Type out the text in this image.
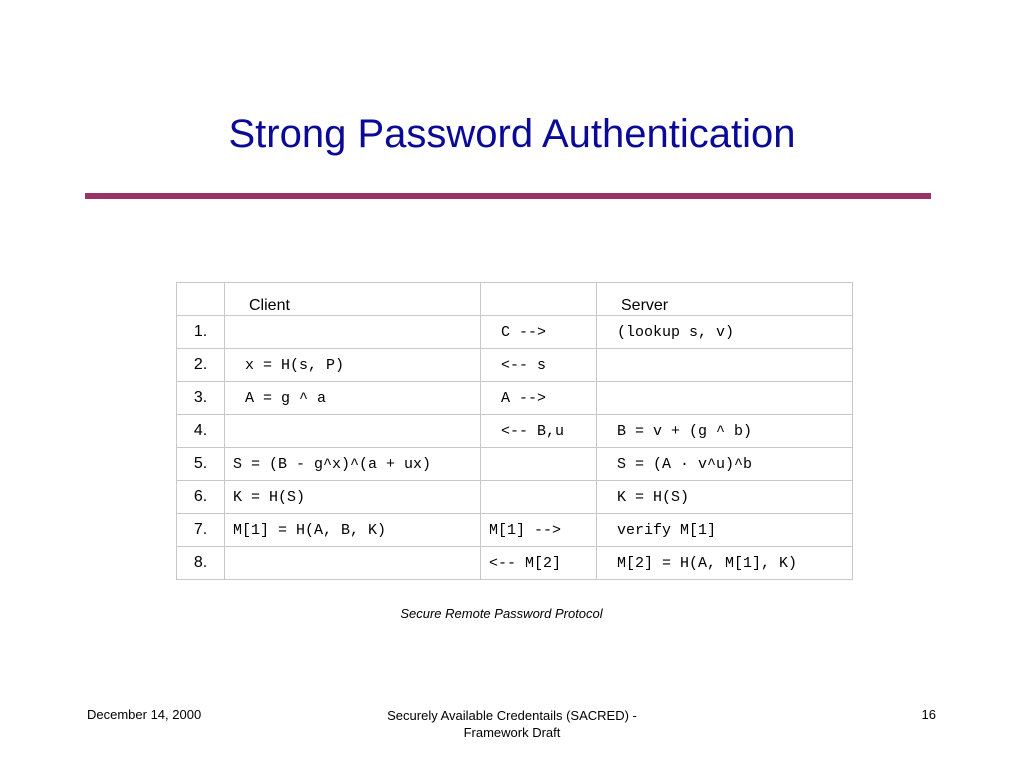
Strong Password Authentication
	Client		Server
1.		C -->	(lookup s, v)
2.	x = H(s, P)	<-- s	
3.	A = g ^ a	A -->	
4.		<-- B,u	B = v + (g ^ b)
5.	S = (B - g^x)^(a + ux)		S = (A · v^u)^b
6.	K = H(S)		K = H(S)
7.	M[1] = H(A, B, K)	M[1] -->	verify M[1]
8.		<-- M[2]	M[2] = H(A, M[1], K)
Secure Remote Password Protocol
December 14, 2000	Securely Available Credentails (SACRED) - Framework Draft
16
